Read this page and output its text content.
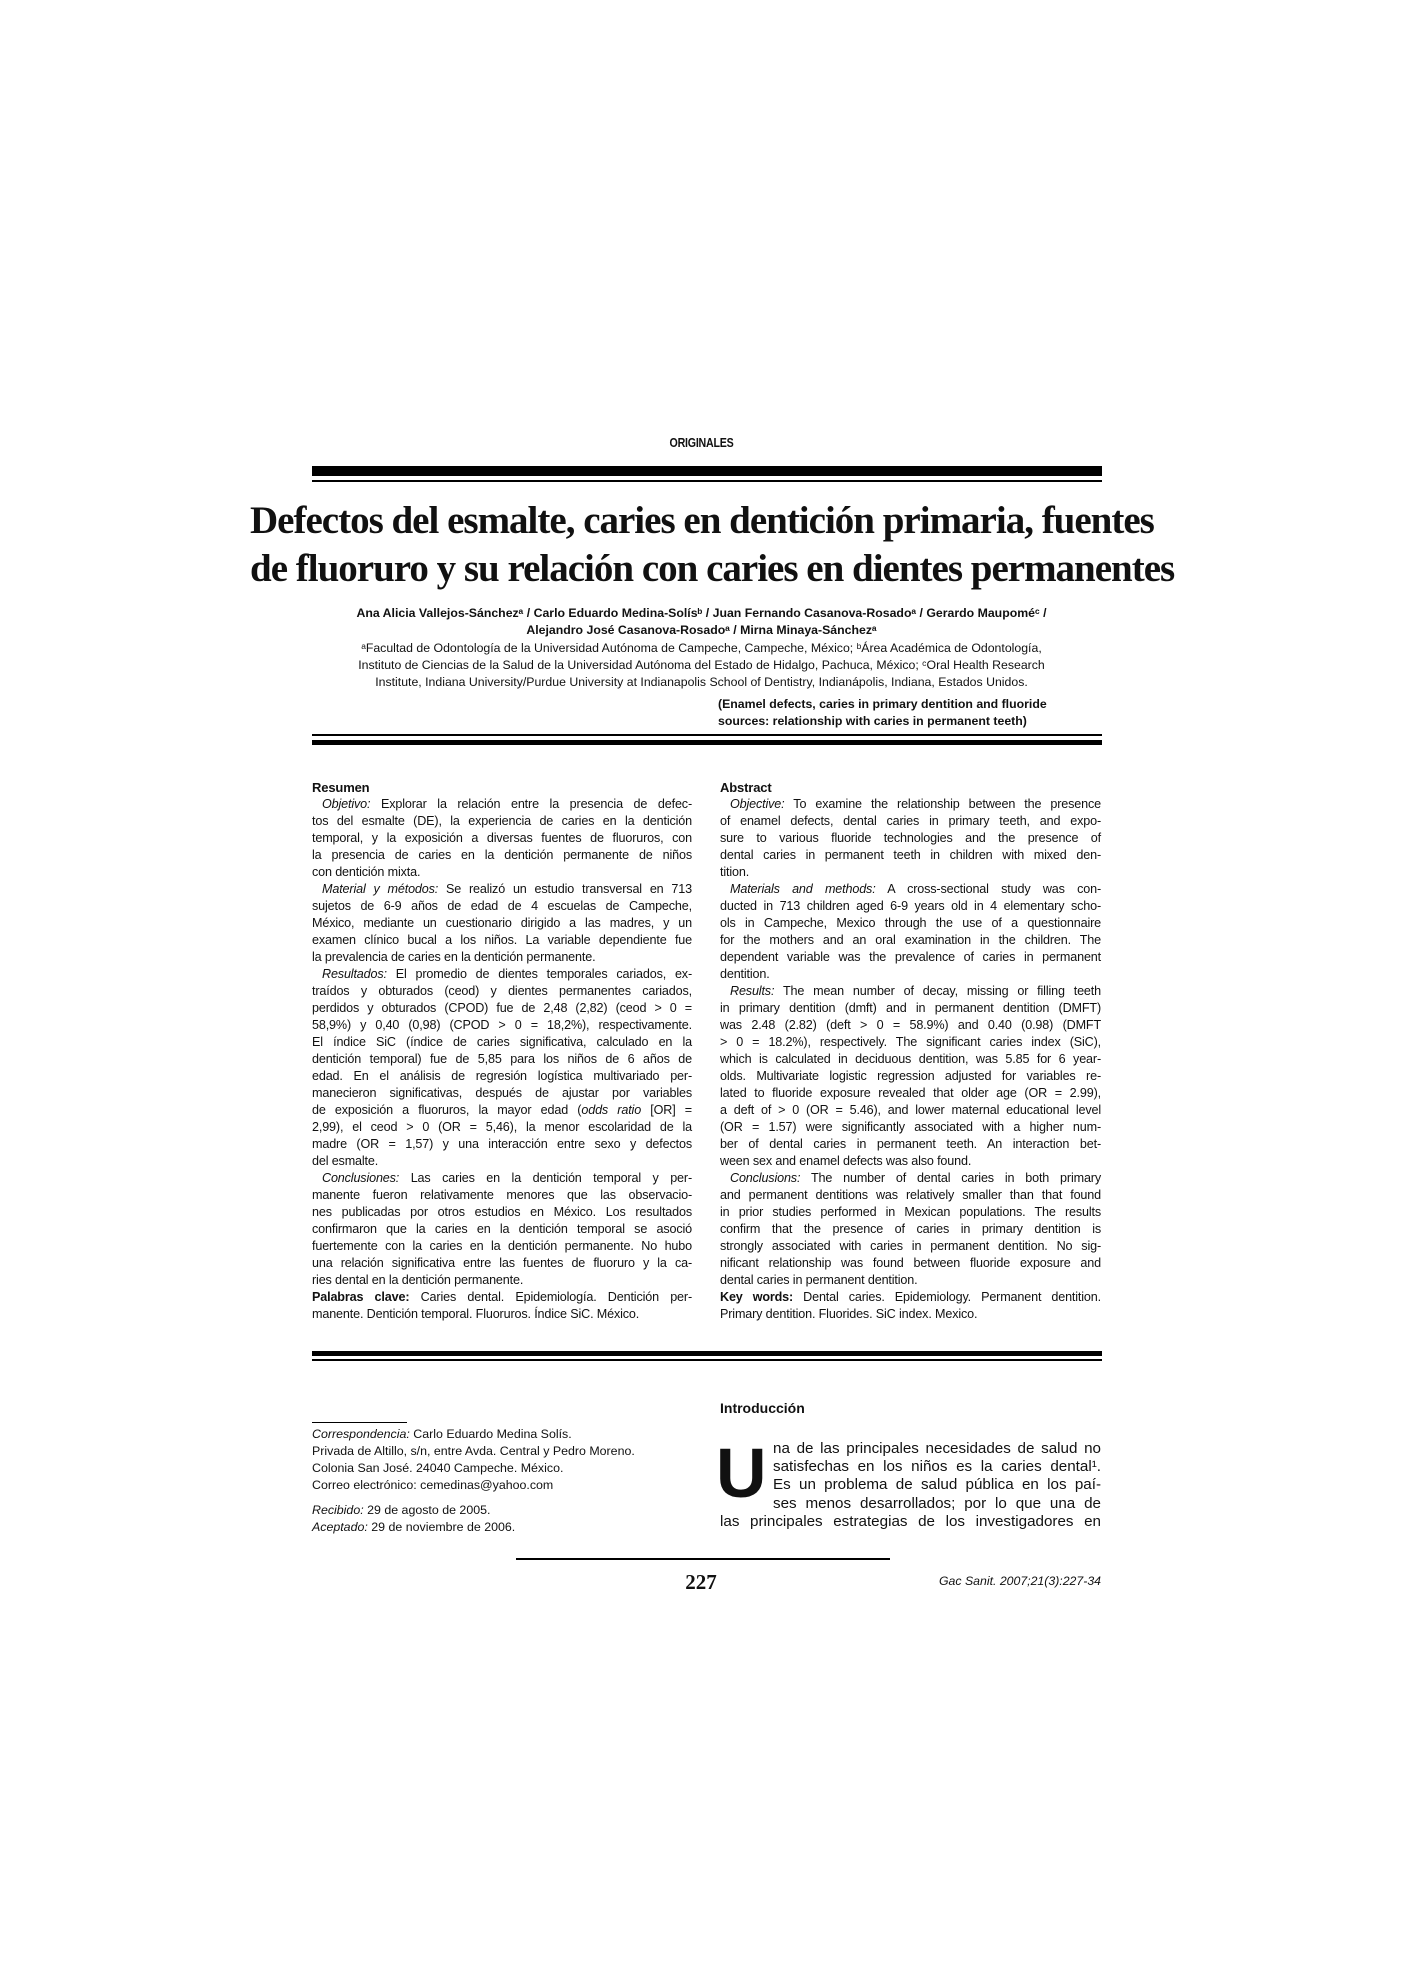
ORIGINALES
Defectos del esmalte, caries en dentición primaria, fuentes
de fluoruro y su relación con caries en dientes permanentes
Ana Alicia Vallejos-Sánchezᵃ / Carlo Eduardo Medina-Solísᵇ / Juan Fernando Casanova-Rosadoᵃ / Gerardo Maupoméᶜ /
Alejandro José Casanova-Rosadoᵃ / Mirna Minaya-Sánchezᵃ
ᵃFacultad de Odontología de la Universidad Autónoma de Campeche, Campeche, México; ᵇÁrea Académica de Odontología,
Instituto de Ciencias de la Salud de la Universidad Autónoma del Estado de Hidalgo, Pachuca, México; ᶜOral Health Research
Institute, Indiana University/Purdue University at Indianapolis School of Dentistry, Indianápolis, Indiana, Estados Unidos.
(Enamel defects, caries in primary dentition and fluoride
sources: relationship with caries in permanent teeth)
Resumen
Objetivo: Explorar la relación entre la presencia de defec-
tos del esmalte (DE), la experiencia de caries en la dentición
temporal, y la exposición a diversas fuentes de fluoruros, con
la presencia de caries en la dentición permanente de niños
con dentición mixta.
Material y métodos: Se realizó un estudio transversal en 713
sujetos de 6-9 años de edad de 4 escuelas de Campeche,
México, mediante un cuestionario dirigido a las madres, y un
examen clínico bucal a los niños. La variable dependiente fue
la prevalencia de caries en la dentición permanente.
Resultados: El promedio de dientes temporales cariados, ex-
traídos y obturados (ceod) y dientes permanentes cariados,
perdidos y obturados (CPOD) fue de 2,48 (2,82) (ceod > 0 =
58,9%) y 0,40 (0,98) (CPOD > 0 = 18,2%), respectivamente.
El índice SiC (índice de caries significativa, calculado en la
dentición temporal) fue de 5,85 para los niños de 6 años de
edad. En el análisis de regresión logística multivariado per-
manecieron significativas, después de ajustar por variables
de exposición a fluoruros, la mayor edad (odds ratio [OR] =
2,99), el ceod > 0 (OR = 5,46), la menor escolaridad de la
madre (OR = 1,57) y una interacción entre sexo y defectos
del esmalte.
Conclusiones: Las caries en la dentición temporal y per-
manente fueron relativamente menores que las observacio-
nes publicadas por otros estudios en México. Los resultados
confirmaron que la caries en la dentición temporal se asoció
fuertemente con la caries en la dentición permanente. No hubo
una relación significativa entre las fuentes de fluoruro y la ca-
ries dental en la dentición permanente.
Palabras clave: Caries dental. Epidemiología. Dentición per-
manente. Dentición temporal. Fluoruros. Índice SiC. México.
Abstract
Objective: To examine the relationship between the presence
of enamel defects, dental caries in primary teeth, and expo-
sure to various fluoride technologies and the presence of
dental caries in permanent teeth in children with mixed den-
tition.
Materials and methods: A cross-sectional study was con-
ducted in 713 children aged 6-9 years old in 4 elementary scho-
ols in Campeche, Mexico through the use of a questionnaire
for the mothers and an oral examination in the children. The
dependent variable was the prevalence of caries in permanent
dentition.
Results: The mean number of decay, missing or filling teeth
in primary dentition (dmft) and in permanent dentition (DMFT)
was 2.48 (2.82) (deft > 0 = 58.9%) and 0.40 (0.98) (DMFT
> 0 = 18.2%), respectively. The significant caries index (SiC),
which is calculated in deciduous dentition, was 5.85 for 6 year-
olds. Multivariate logistic regression adjusted for variables re-
lated to fluoride exposure revealed that older age (OR = 2.99),
a deft of > 0 (OR = 5.46), and lower maternal educational level
(OR = 1.57) were significantly associated with a higher num-
ber of dental caries in permanent teeth. An interaction bet-
ween sex and enamel defects was also found.
Conclusions: The number of dental caries in both primary
and permanent dentitions was relatively smaller than that found
in prior studies performed in Mexican populations. The results
confirm that the presence of caries in primary dentition is
strongly associated with caries in permanent dentition. No sig-
nificant relationship was found between fluoride exposure and
dental caries in permanent dentition.
Key words: Dental caries. Epidemiology. Permanent dentition.
Primary dentition. Fluorides. SiC index. Mexico.
Correspondencia: Carlo Eduardo Medina Solís.
Privada de Altillo, s/n, entre Avda. Central y Pedro Moreno.
Colonia San José. 24040 Campeche. México.
Correo electrónico: cemedinas@yahoo.com
Recibido: 29 de agosto de 2005.
Aceptado: 29 de noviembre de 2006.
Introducción
U na de las principales necesidades de salud no
satisfechas en los niños es la caries dental¹.
Es un problema de salud pública en los paí-
ses menos desarrollados; por lo que una de
las principales estrategias de los investigadores en
227	Gac Sanit. 2007;21(3):227-34
